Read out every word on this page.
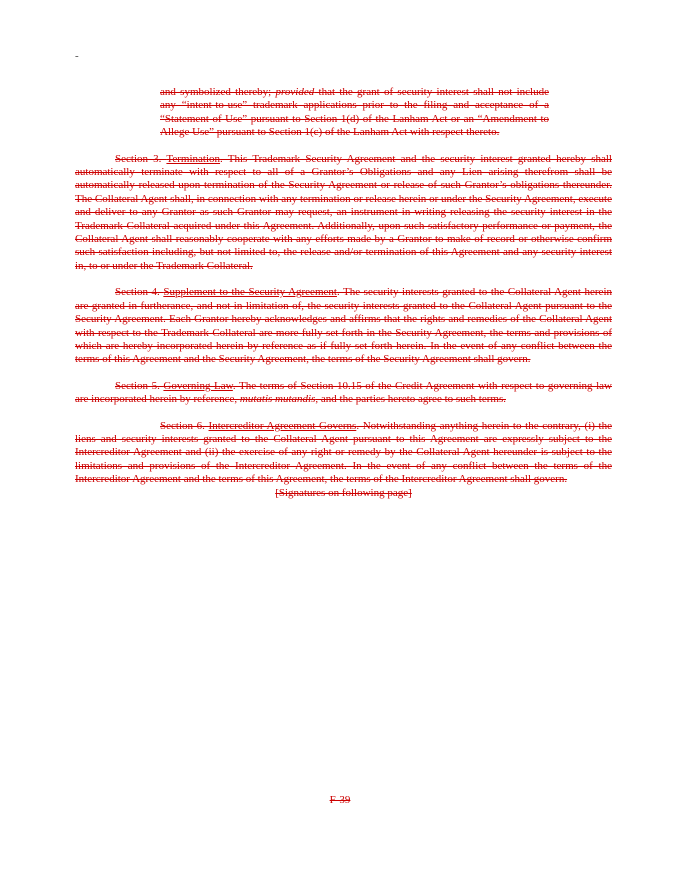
-

and symbolized thereby; provided that the grant of security interest shall not include any “intent-to-use” trademark applications prior to the filing and acceptance of a “Statement of Use” pursuant to Section 1(d) of the Lanham Act or an “Amendment to Allege Use” pursuant to Section 1(c) of the Lanham Act with respect thereto.

Section 3. Termination. This Trademark Security Agreement and the security interest granted hereby shall automatically terminate with respect to all of a Grantor’s Obligations and any Lien arising therefrom shall be automatically released upon termination of the Security Agreement or release of such Grantor’s obligations thereunder. The Collateral Agent shall, in connection with any termination or release herein or under the Security Agreement, execute and deliver to any Grantor as such Grantor may request, an instrument in writing releasing the security interest in the Trademark Collateral acquired under this Agreement. Additionally, upon such satisfactory performance or payment, the Collateral Agent shall reasonably cooperate with any efforts made by a Grantor to make of record or otherwise confirm such satisfaction including, but not limited to, the release and/or termination of this Agreement and any security interest in, to or under the Trademark Collateral.

Section 4. Supplement to the Security Agreement. The security interests granted to the Collateral Agent herein are granted in furtherance, and not in limitation of, the security interests granted to the Collateral Agent pursuant to the Security Agreement. Each Grantor hereby acknowledges and affirms that the rights and remedies of the Collateral Agent with respect to the Trademark Collateral are more fully set forth in the Security Agreement, the terms and provisions of which are hereby incorporated herein by reference as if fully set forth herein. In the event of any conflict between the terms of this Agreement and the Security Agreement, the terms of the Security Agreement shall govern.

Section 5. Governing Law. The terms of Section 10.15 of the Credit Agreement with respect to governing law are incorporated herein by reference, mutatis mutandis, and the parties hereto agree to such terms.

Section 6. Intercreditor Agreement Governs. Notwithstanding anything herein to the contrary, (i) the liens and security interests granted to the Collateral Agent pursuant to this Agreement are expressly subject to the Intercreditor Agreement and (ii) the exercise of any right or remedy by the Collateral Agent hereunder is subject to the limitations and provisions of the Intercreditor Agreement. In the event of any conflict between the terms of the Intercreditor Agreement and the terms of this Agreement, the terms of the Intercreditor Agreement shall govern.

[Signatures on following page]

F-39
